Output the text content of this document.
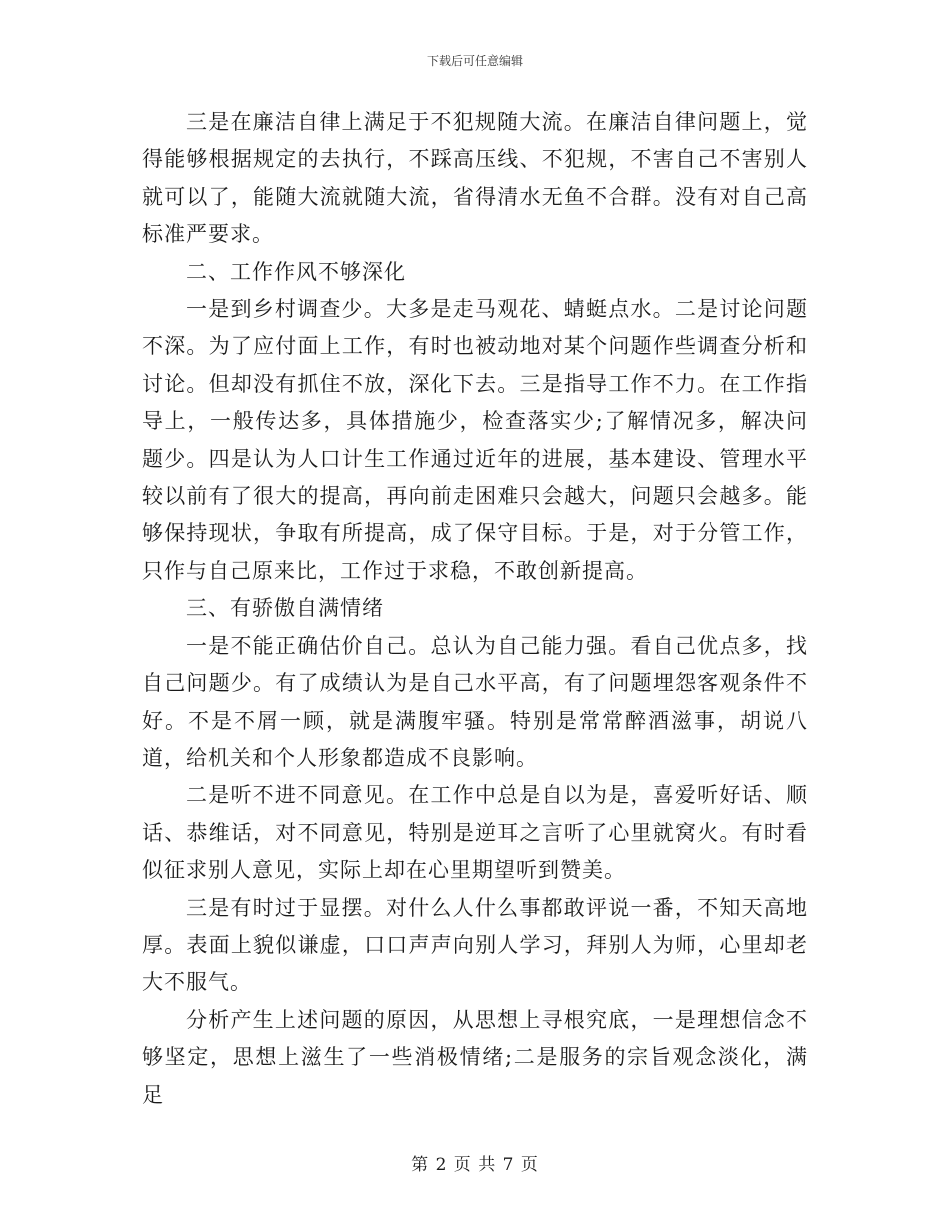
下载后可任意编辑

三是在廉洁自律上满足于不犯规随大流。在廉洁自律问题上，觉得能够根据规定的去执行，不踩高压线、不犯规，不害自己不害别人就可以了，能随大流就随大流，省得清水无鱼不合群。没有对自己高标准严要求。

二、工作作风不够深化

一是到乡村调查少。大多是走马观花、蜻蜓点水。二是讨论问题不深。为了应付面上工作，有时也被动地对某个问题作些调查分析和讨论。但却没有抓住不放，深化下去。三是指导工作不力。在工作指导上，一般传达多，具体措施少，检查落实少;了解情况多，解决问题少。四是认为人口计生工作通过近年的进展，基本建设、管理水平较以前有了很大的提高，再向前走困难只会越大，问题只会越多。能够保持现状，争取有所提高，成了保守目标。于是，对于分管工作，只作与自己原来比，工作过于求稳，不敢创新提高。

三、有骄傲自满情绪

一是不能正确估价自己。总认为自己能力强。看自己优点多，找自己问题少。有了成绩认为是自己水平高，有了问题埋怨客观条件不好。不是不屑一顾，就是满腹牢骚。特别是常常醉酒滋事，胡说八道，给机关和个人形象都造成不良影响。

二是听不进不同意见。在工作中总是自以为是，喜爱听好话、顺话、恭维话，对不同意见，特别是逆耳之言听了心里就窝火。有时看似征求别人意见，实际上却在心里期望听到赞美。

三是有时过于显摆。对什么人什么事都敢评说一番，不知天高地厚。表面上貌似谦虚，口口声声向别人学习，拜别人为师，心里却老大不服气。

分析产生上述问题的原因，从思想上寻根究底，一是理想信念不够坚定，思想上滋生了一些消极情绪;二是服务的宗旨观念淡化，满足

第 2 页 共 7 页
